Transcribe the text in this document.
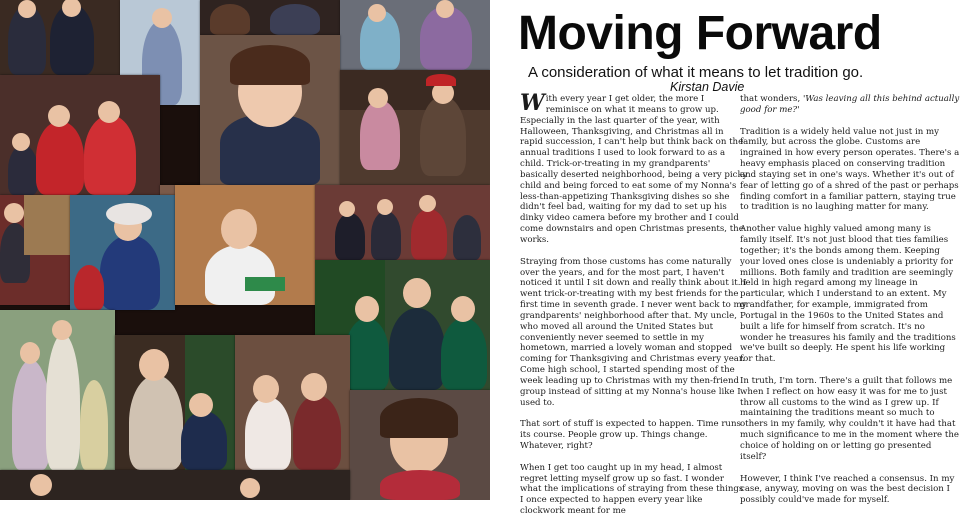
Moving Forward
A consideration of what it means to let tradition go.
Kirstan Davie

With every year I get older, the more I reminisce on what it means to grow up. Especially in the last quarter of the year, with Halloween, Thanksgiving, and Christmas all in rapid succession, I can't help but think back on the annual traditions I used to look forward to as a child. Trick-or-treating in my grandparents' basically deserted neighborhood, being a very picky child and being forced to eat some of my Nonna's less-than-appetizing Thanksgiving dishes so she didn't feel bad, waiting for my dad to set up his dinky video camera before my brother and I could come downstairs and open Christmas presents, the works.

Straying from those customs has come naturally over the years, and for the most part, I haven't noticed it until I sit down and really think about it. I went trick-or-treating with my best friends for the first time in seventh grade. I never went back to my grandparents' neighborhood after that. My uncle, who moved all around the United States but conveniently never seemed to settle in my hometown, married a lovely woman and stopped coming for Thanksgiving and Christmas every year. Come high school, I started spending most of the week leading up to Christmas with my then-friend group instead of sitting at my Nonna's house like I used to.

That sort of stuff is expected to happen. Time runs its course. People grow up. Things change. Whatever, right?

When I get too caught up in my head, I almost regret letting myself grow up so fast. I wonder what the implications of straying from these things I once expected to happen every year like clockwork meant for me

that wonders, 'Was leaving all this behind actually good for me?'

Tradition is a widely held value not just in my family, but across the globe. Customs are ingrained in how every person operates. There's a heavy emphasis placed on conserving tradition and staying set in one's ways. Whether it's out of fear of letting go of a shred of the past or perhaps finding comfort in a familiar pattern, staying true to tradition is no laughing matter for many.

Another value highly valued among many is family itself. It's not just blood that ties families together; it's the bonds among them. Keeping your loved ones close is undeniably a priority for millions. Both family and tradition are seemingly held in high regard among my lineage in particular, which I understand to an extent. My grandfather, for example, immigrated from Portugal in the 1960s to the United States and built a life for himself from scratch. It's no wonder he treasures his family and the traditions we've built so deeply. He spent his life working for that.

In truth, I'm torn. There's a guilt that follows me when I reflect on how easy it was for me to just throw all customs to the wind as I grew up. If maintaining the traditions meant so much to others in my family, why couldn't it have had that much significance to me in the moment where the choice of holding on or letting go presented itself?

However, I think I've reached a consensus. In my case, anyway, moving on was the best decision I possibly could've made for myself.
